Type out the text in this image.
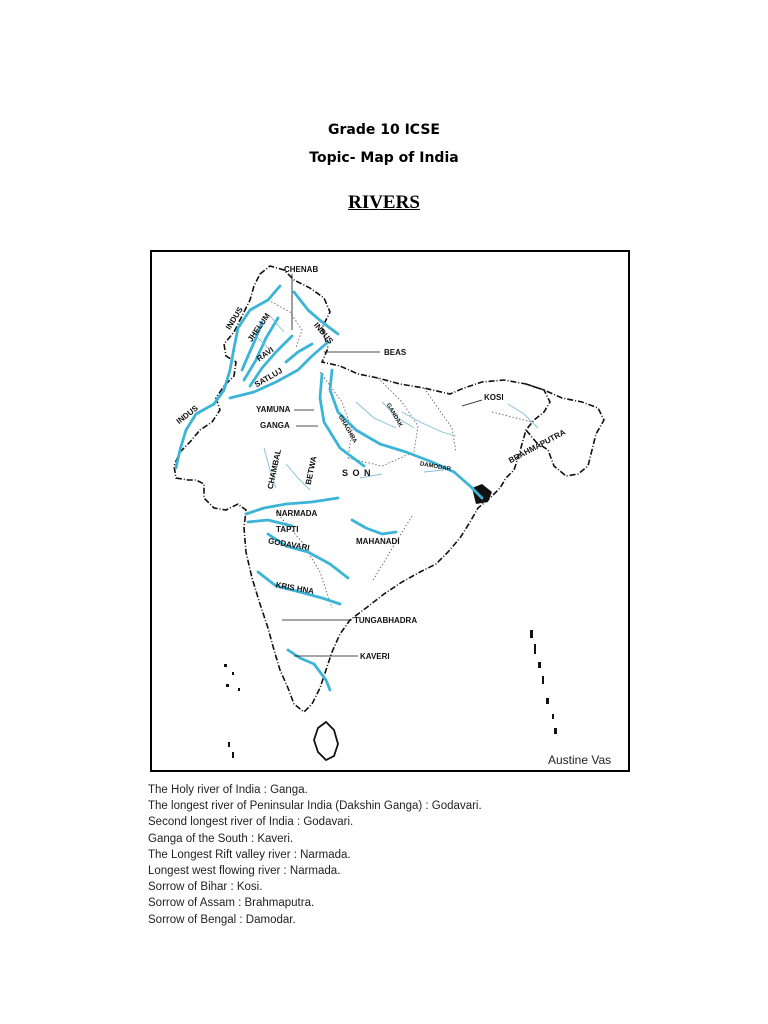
Grade 10 ICSE
Topic- Map of India
RIVERS
CHENAB
INDUS JHELUM	INDUS
RAVI	BEAS
SATLUJ
INDUS	YAMUNA
GANGA
KOSI
GHAGHRA	GANDAK
BRAHMAPUTRA
CHAMBAL	BETWA	S O N
DAMODAR
NARMADA
TAPTI
MAHANADI
GODAVARI
KRIS HNA
TUNGABHADRA
KAVERI
Austine Vas
The Holy river of India : Ganga.
The longest river of Peninsular India (Dakshin Ganga) : Godavari.
Second longest river of India : Godavari.
Ganga of the South : Kaveri.
The Longest Rift valley river : Narmada.
Longest west flowing river : Narmada.
Sorrow of Bihar : Kosi.
Sorrow of Assam : Brahmaputra.
Sorrow of Bengal : Damodar.
